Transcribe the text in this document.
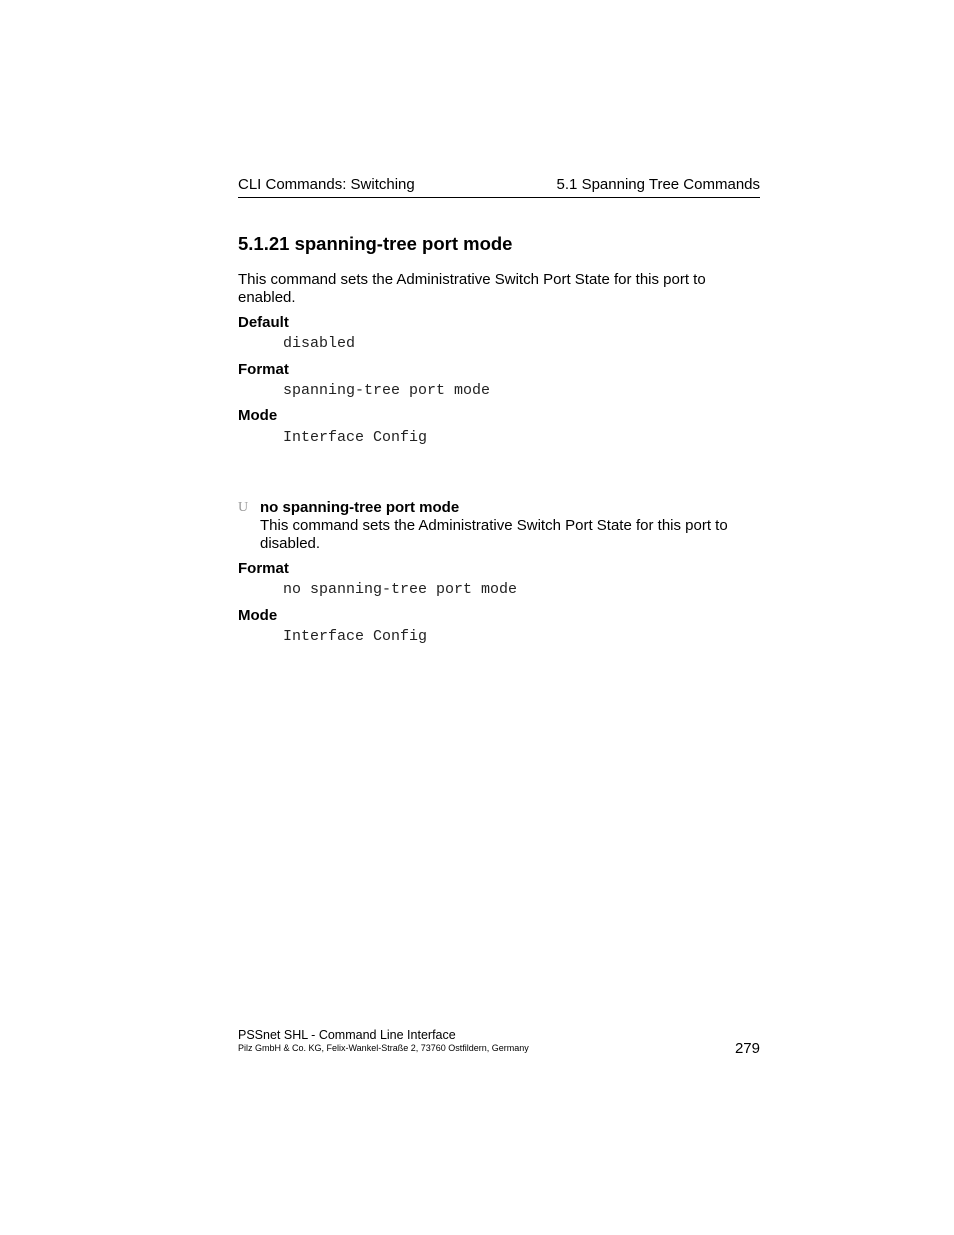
CLI Commands: Switching	5.1 Spanning Tree Commands
5.1.21 spanning-tree port mode

This command sets the Administrative Switch Port State for this port to enabled.

Default
disabled
Format
spanning-tree port mode
Mode
Interface Config
U no spanning-tree port mode

This command sets the Administrative Switch Port State for this port to disabled.

Format
no spanning-tree port mode
Mode
Interface Config
PSSnet SHL - Command Line Interface
Pilz GmbH & Co. KG, Felix-Wankel-Straße 2, 73760 Ostfildern, Germany	279
